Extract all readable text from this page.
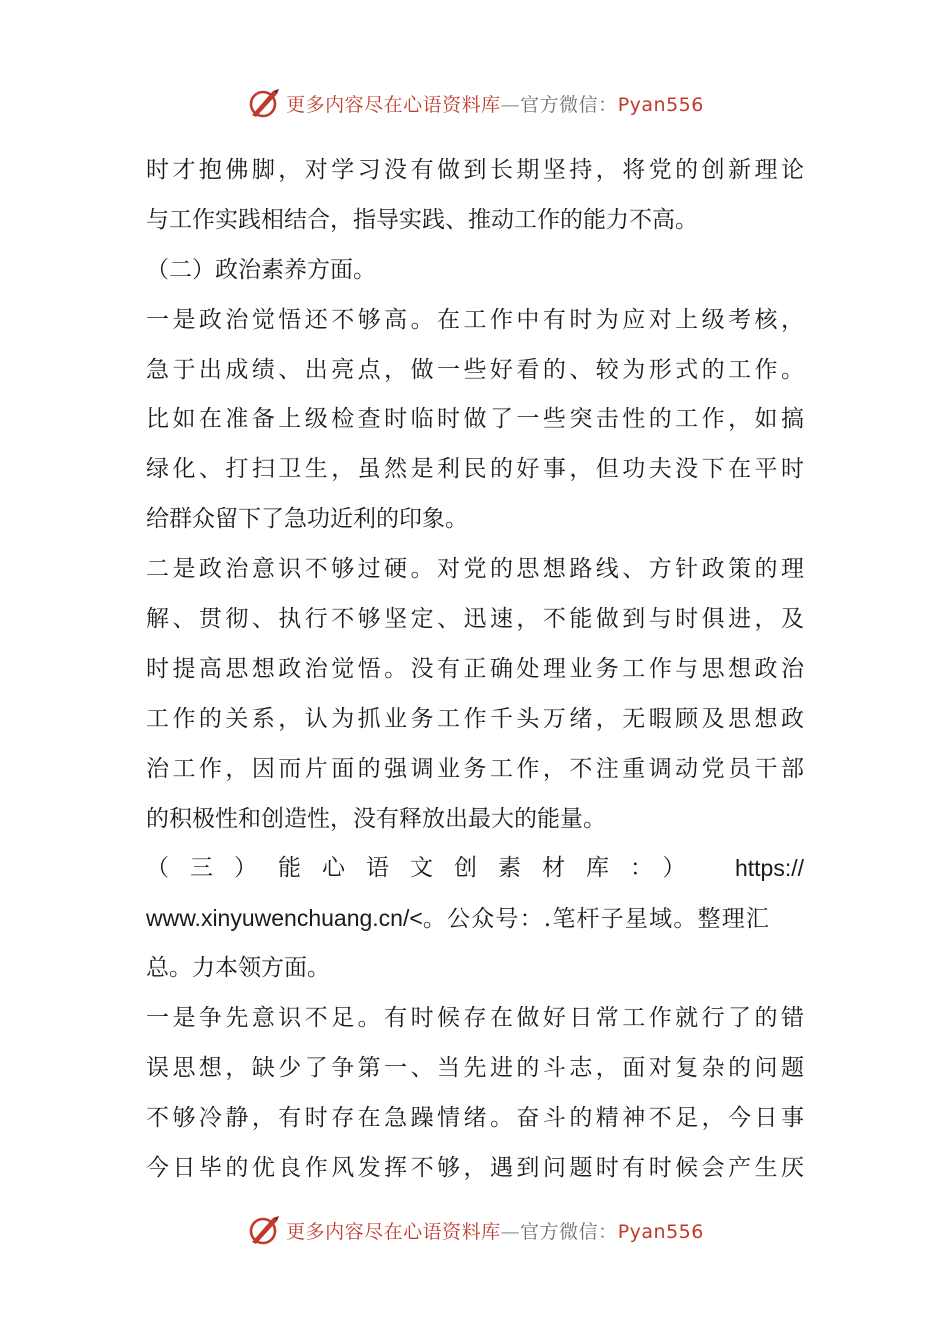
更多内容尽在心语资料库—官方微信：Pyan556
时才抱佛脚，对学习没有做到长期坚持，将党的创新理论
与工作实践相结合，指导实践、推动工作的能力不高。
（二）政治素养方面。
一是政治觉悟还不够高。在工作中有时为应对上级考核，
急于出成绩、出亮点，做一些好看的、较为形式的工作。
比如在准备上级检查时临时做了一些突击性的工作，如搞
绿化、打扫卫生，虽然是利民的好事，但功夫没下在平时
给群众留下了急功近利的印象。
二是政治意识不够过硬。对党的思想路线、方针政策的理
解、贯彻、执行不够坚定、迅速，不能做到与时俱进，及
时提高思想政治觉悟。没有正确处理业务工作与思想政治
工作的关系，认为抓业务工作千头万绪，无暇顾及思想政
治工作，因而片面的强调业务工作，不注重调动党员干部
的积极性和创造性，没有释放出最大的能量。
（三）能心语文创素材库：） https://
www.xinyuwenchuang.cn/<。公众号：.笔杆子星域。整理汇
总。力本领方面。
一是争先意识不足。有时候存在做好日常工作就行了的错
误思想，缺少了争第一、当先进的斗志，面对复杂的问题
不够冷静，有时存在急躁情绪。奋斗的精神不足，今日事
今日毕的优良作风发挥不够，遇到问题时有时候会产生厌
更多内容尽在心语资料库—官方微信：Pyan556
